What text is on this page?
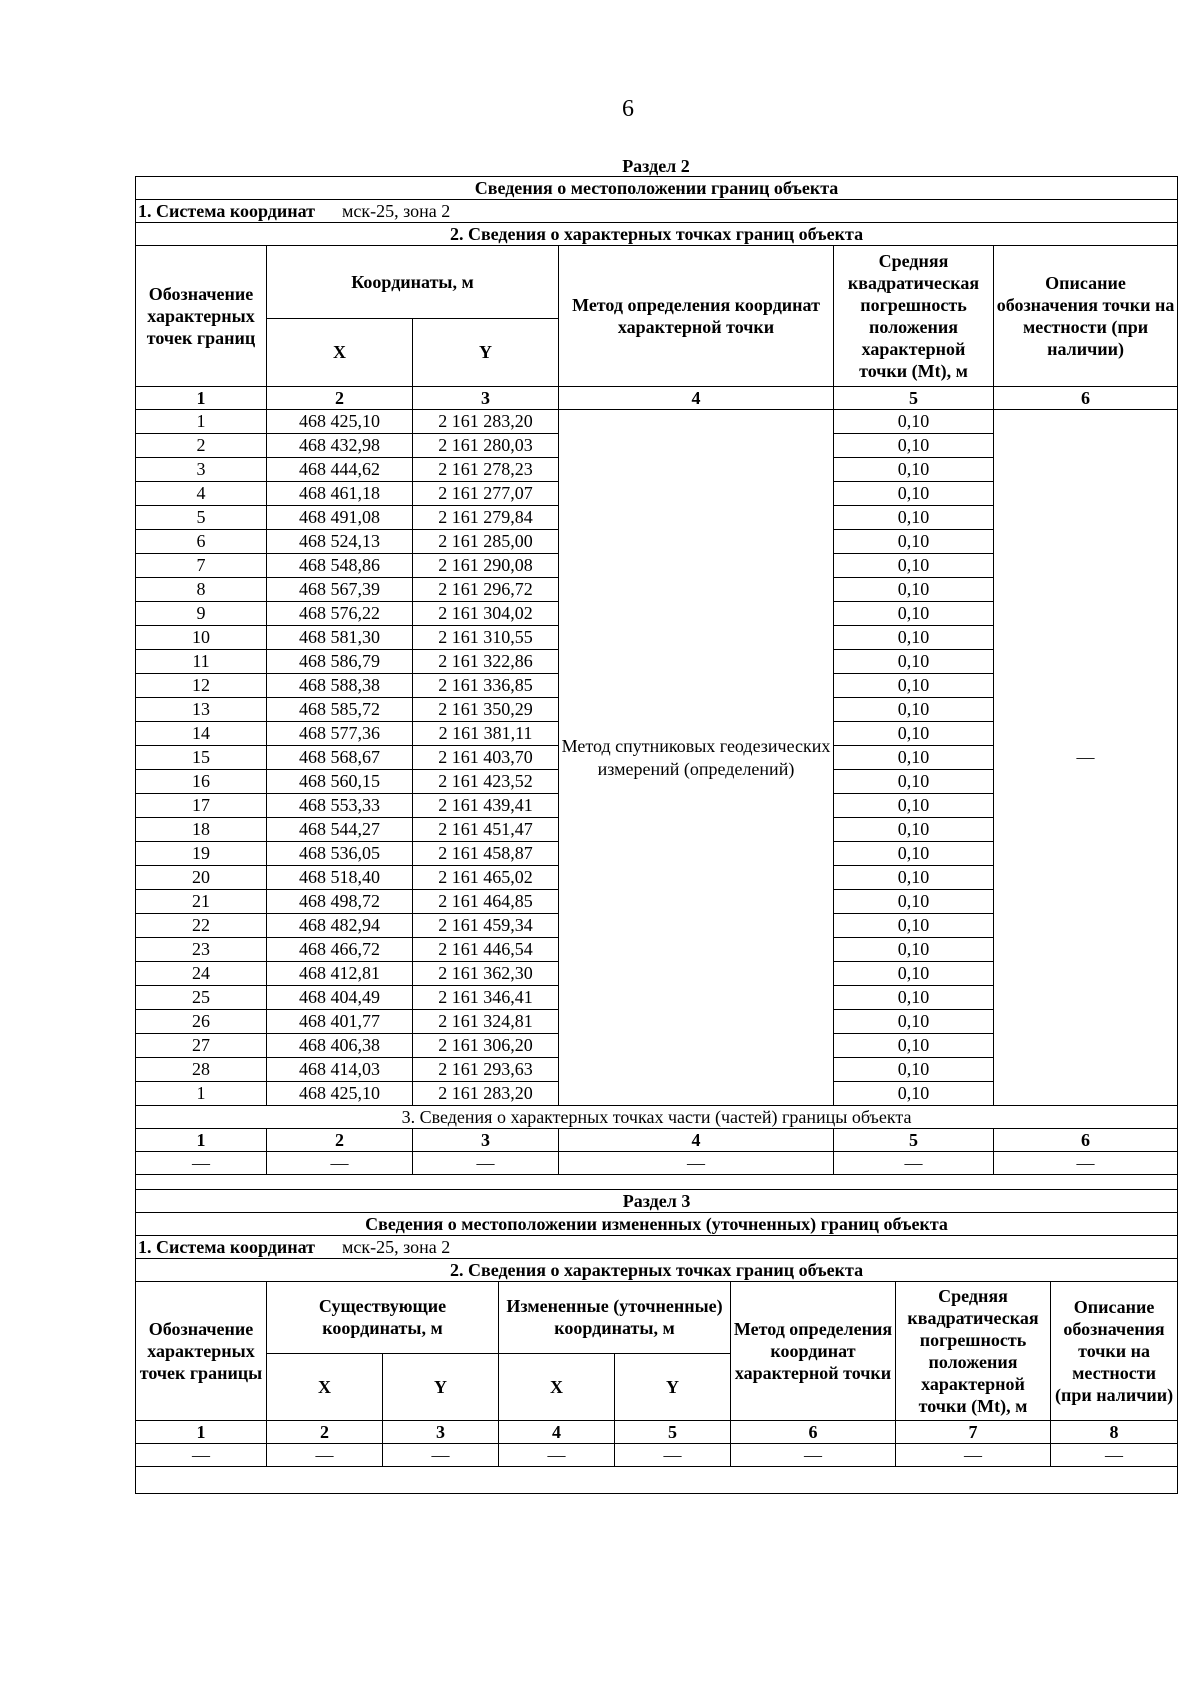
6
Раздел 2
Сведения о местоположении границ объекта					
1. Система координат мск-25, зона 2					
2. Сведения о характерных точках границ объекта					
Обозначение характерных точек границ	Координаты, м		Метод определения координат характерной точки	Средняя квадратическая погрешность положения характерной точки (Mt), м	Описание обозначения точки на местности (при наличии)
	X	Y			
1	2	3	4	5	6
1	468 425,10	2 161 283,20	Метод спутниковых геодезических измерений (определений)	0,10	—
2	468 432,98	2 161 280,03		0,10	
3	468 444,62	2 161 278,23		0,10	
4	468 461,18	2 161 277,07		0,10	
5	468 491,08	2 161 279,84		0,10	
6	468 524,13	2 161 285,00		0,10	
7	468 548,86	2 161 290,08		0,10	
8	468 567,39	2 161 296,72		0,10	
9	468 576,22	2 161 304,02		0,10	
10	468 581,30	2 161 310,55		0,10	
11	468 586,79	2 161 322,86		0,10	
12	468 588,38	2 161 336,85		0,10	
13	468 585,72	2 161 350,29		0,10	
14	468 577,36	2 161 381,11		0,10	
15	468 568,67	2 161 403,70		0,10	
16	468 560,15	2 161 423,52		0,10	
17	468 553,33	2 161 439,41		0,10	
18	468 544,27	2 161 451,47		0,10	
19	468 536,05	2 161 458,87		0,10	
20	468 518,40	2 161 465,02		0,10	
21	468 498,72	2 161 464,85		0,10	
22	468 482,94	2 161 459,34		0,10	
23	468 466,72	2 161 446,54		0,10	
24	468 412,81	2 161 362,30		0,10	
25	468 404,49	2 161 346,41		0,10	
26	468 401,77	2 161 324,81		0,10	
27	468 406,38	2 161 306,20		0,10	
28	468 414,03	2 161 293,63		0,10	
1	468 425,10	2 161 283,20		0,10	
3. Сведения о характерных точках части (частей) границы объекта					
1	2	3	4	5	6
—	—	—	—	—	—

Раздел 3							
Сведения о местоположении измененных (уточненных) границ объекта							
1. Система координат мск-25, зона 2							
2. Сведения о характерных точках границ объекта							
Обозначение характерных точек границы	Существующие координаты, м		Измененные (уточненные) координаты, м		Метод определения координат характерной точки	Средняя квадратическая погрешность положения характерной точки (Mt), м	Описание обозначения точки на местности (при наличии)
	X	Y	X	Y			
1	2	3	4	5	6	7	8
—	—	—	—	—	—	—	—
